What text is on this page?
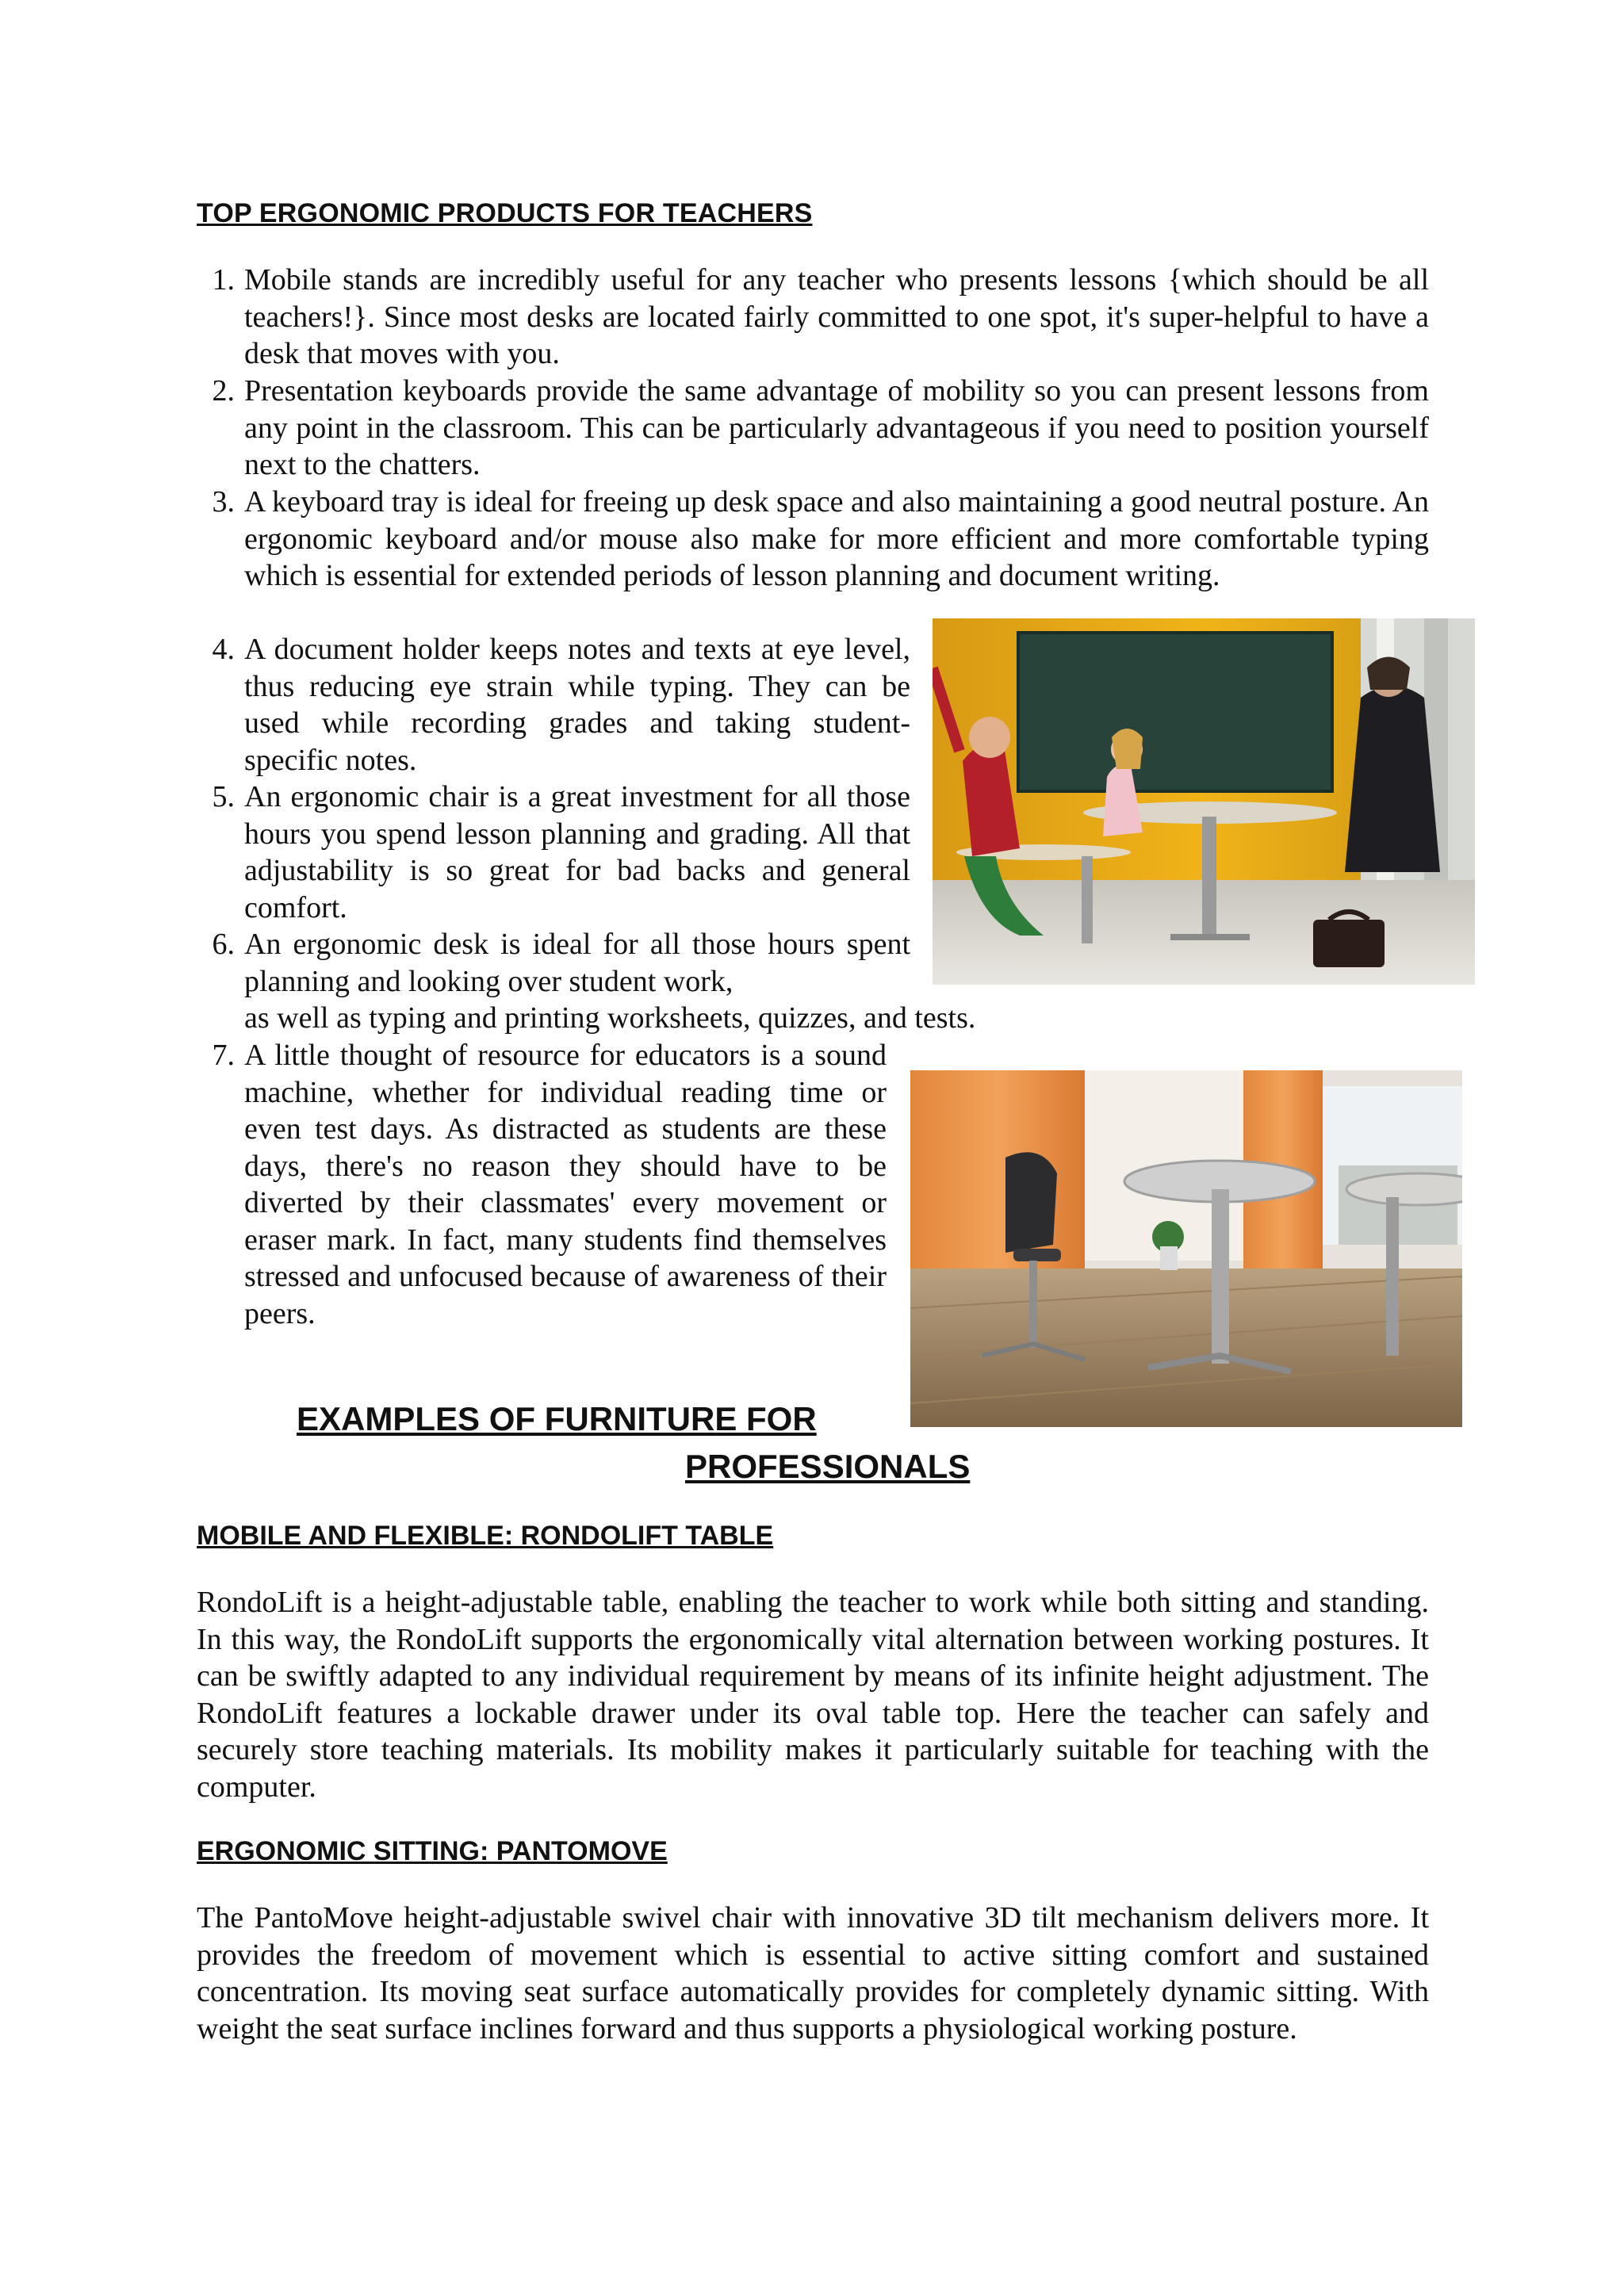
TOP ERGONOMIC PRODUCTS FOR TEACHERS
1. Mobile stands are incredibly useful for any teacher who presents lessons {which should be all teachers!}. Since most desks are located fairly committed to one spot, it's super-helpful to have a desk that moves with you.

2. Presentation keyboards provide the same advantage of mobility so you can present lessons from any point in the classroom. This can be particularly advantageous if you need to position yourself next to the chatters.

3. A keyboard tray is ideal for freeing up desk space and also maintaining a good neutral posture. An ergonomic keyboard and/or mouse also make for more efficient and more comfortable typing which is essential for extended periods of lesson planning and document writing.

4. A document holder keeps notes and texts at eye level, thus reducing eye strain while typing. They can be used while recording grades and taking student-specific notes.

5. An ergonomic chair is a great investment for all those hours you spend lesson planning and grading. All that adjustability is so great for bad backs and general comfort.

6. An ergonomic desk is ideal for all those hours spent planning and looking over student work,

as well as typing and printing worksheets, quizzes, and tests.

7. A little thought of resource for educators is a sound machine, whether for individual reading time or even test days. As distracted as students are these days, there's no reason they should have to be diverted by their classmates' every movement or eraser mark. In fact, many students find themselves stressed and unfocused because of awareness of their peers.

EXAMPLES OF FURNITURE FOR
PROFESSIONALS
MOBILE AND FLEXIBLE: RONDOLIFT TABLE

RondoLift is a height-adjustable table, enabling the teacher to work while both sitting and standing. In this way, the RondoLift supports the ergonomically vital alternation between working postures. It can be swiftly adapted to any individual requirement by means of its infinite height adjustment. The RondoLift features a lockable drawer under its oval table top. Here the teacher can safely and securely store teaching materials. Its mobility makes it particularly suitable for teaching with the computer.

ERGONOMIC SITTING: PANTOMOVE

The PantoMove height-adjustable swivel chair with innovative 3D tilt mechanism delivers more. It provides the freedom of movement which is essential to active sitting comfort and sustained concentration. Its moving seat surface automatically provides for completely dynamic sitting. With weight the seat surface inclines forward and thus supports a physiological working posture.
